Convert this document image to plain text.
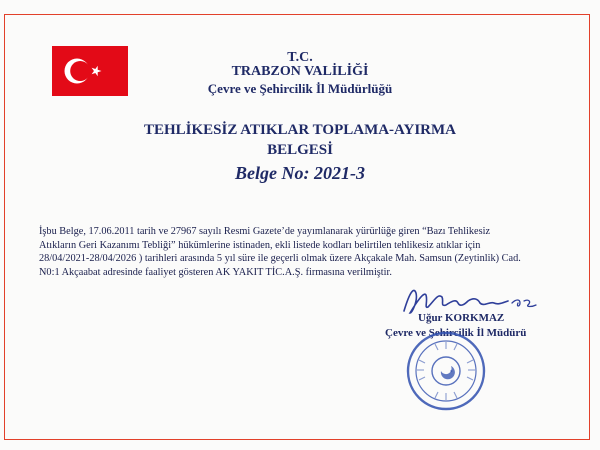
T.C.
TRABZON VALİLİĞİ
Çevre ve Şehircilik İl Müdürlüğü
TEHLİKESİZ ATIKLAR TOPLAMA-AYIRMA
BELGESİ
Belge No: 2021-3
İşbu Belge, 17.06.2011 tarih ve 27967 sayılı Resmi Gazete’de yayımlanarak yürürlüğe giren “Bazı Tehlikesiz
Atıkların Geri Kazanımı Tebliği” hükümlerine istinaden, ekli listede kodları belirtilen tehlikesiz atıklar için
28/04/2021-28/04/2026 ) tarihleri arasında 5 yıl süre ile geçerli olmak üzere Akçakale Mah. Samsun (Zeytinlik) Cad.
N0:1 Akçaabat adresinde faaliyet gösteren AK YAKIT TİC.A.Ş. firmasına verilmiştir.
Uğur KORKMAZ
Çevre ve Şehircilik İl Müdürü
